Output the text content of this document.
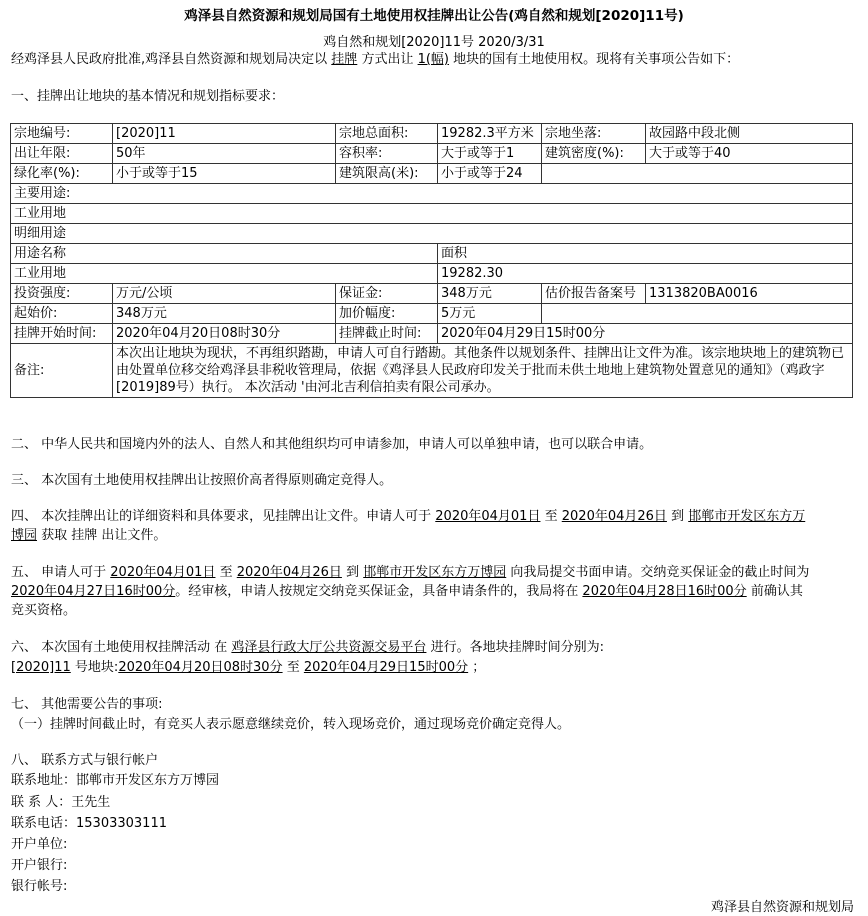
鸡泽县自然资源和规划局国有土地使用权挂牌出让公告(鸡自然和规划[2020]11号)
鸡自然和规划[2020]11号 2020/3/31
经鸡泽县人民政府批准,鸡泽县自然资源和规划局决定以 挂牌 方式出让 1(幅) 地块的国有土地使用权。现将有关事项公告如下：
一、挂牌出让地块的基本情况和规划指标要求：
宗地编号:	[2020]11	宗地总面积:	19282.3平方米	宗地坐落:	故园路中段北侧
出让年限:	50年	容积率:	大于或等于1	建筑密度(%):	大于或等于40
绿化率(%):	小于或等于15	建筑限高(米):	小于或等于24		
主要用途:					
工业用地					
明细用途					
用途名称			面积		
工业用地			19282.30		
投资强度:	万元/公顷	保证金:	348万元	估价报告备案号	1313820BA0016
起始价:	348万元	加价幅度:	5万元		
挂牌开始时间:	2020年04月20日08时30分	挂牌截止时间:	2020年04月29日15时00分		
备注:	本次出让地块为现状，不再组织踏勘，申请人可自行踏勘。其他条件以规划条件、挂牌出让文件为准。该宗地块地上的建筑物已由处置单位移交给鸡泽县非税收管理局，依据《鸡泽县人民政府印发关于批而未供土地地上建筑物处置意见的通知》（鸡政字[2019]89号）执行。 本次活动 '由河北吉利信拍卖有限公司承办。				
二、 中华人民共和国境内外的法人、自然人和其他组织均可申请参加，申请人可以单独申请，也可以联合申请。
三、 本次国有土地使用权挂牌出让按照价高者得原则确定竞得人。
四、 本次挂牌出让的详细资料和具体要求，见挂牌出让文件。申请人可于 2020年04月01日 至 2020年04月26日 到 邯郸市开发区东方万
博园 获取 挂牌 出让文件。
五、 申请人可于 2020年04月01日 至 2020年04月26日 到 邯郸市开发区东方万博园 向我局提交书面申请。交纳竞买保证金的截止时间为
2020年04月27日16时00分。经审核，申请人按规定交纳竞买保证金，具备申请条件的，我局将在 2020年04月28日16时00分 前确认其
竞买资格。
六、 本次国有土地使用权挂牌活动 在 鸡泽县行政大厅公共资源交易平台 进行。各地块挂牌时间分别为:
[2020]11 号地块:2020年04月20日08时30分 至 2020年04月29日15时00分 ；
七、 其他需要公告的事项:
（一）挂牌时间截止时，有竞买人表示愿意继续竞价，转入现场竞价，通过现场竞价确定竞得人。
八、 联系方式与银行帐户
联系地址：邯郸市开发区东方万博园
联 系 人：王先生
联系电话：15303303111
开户单位:
开户银行:
银行帐号:
鸡泽县自然资源和规划局
